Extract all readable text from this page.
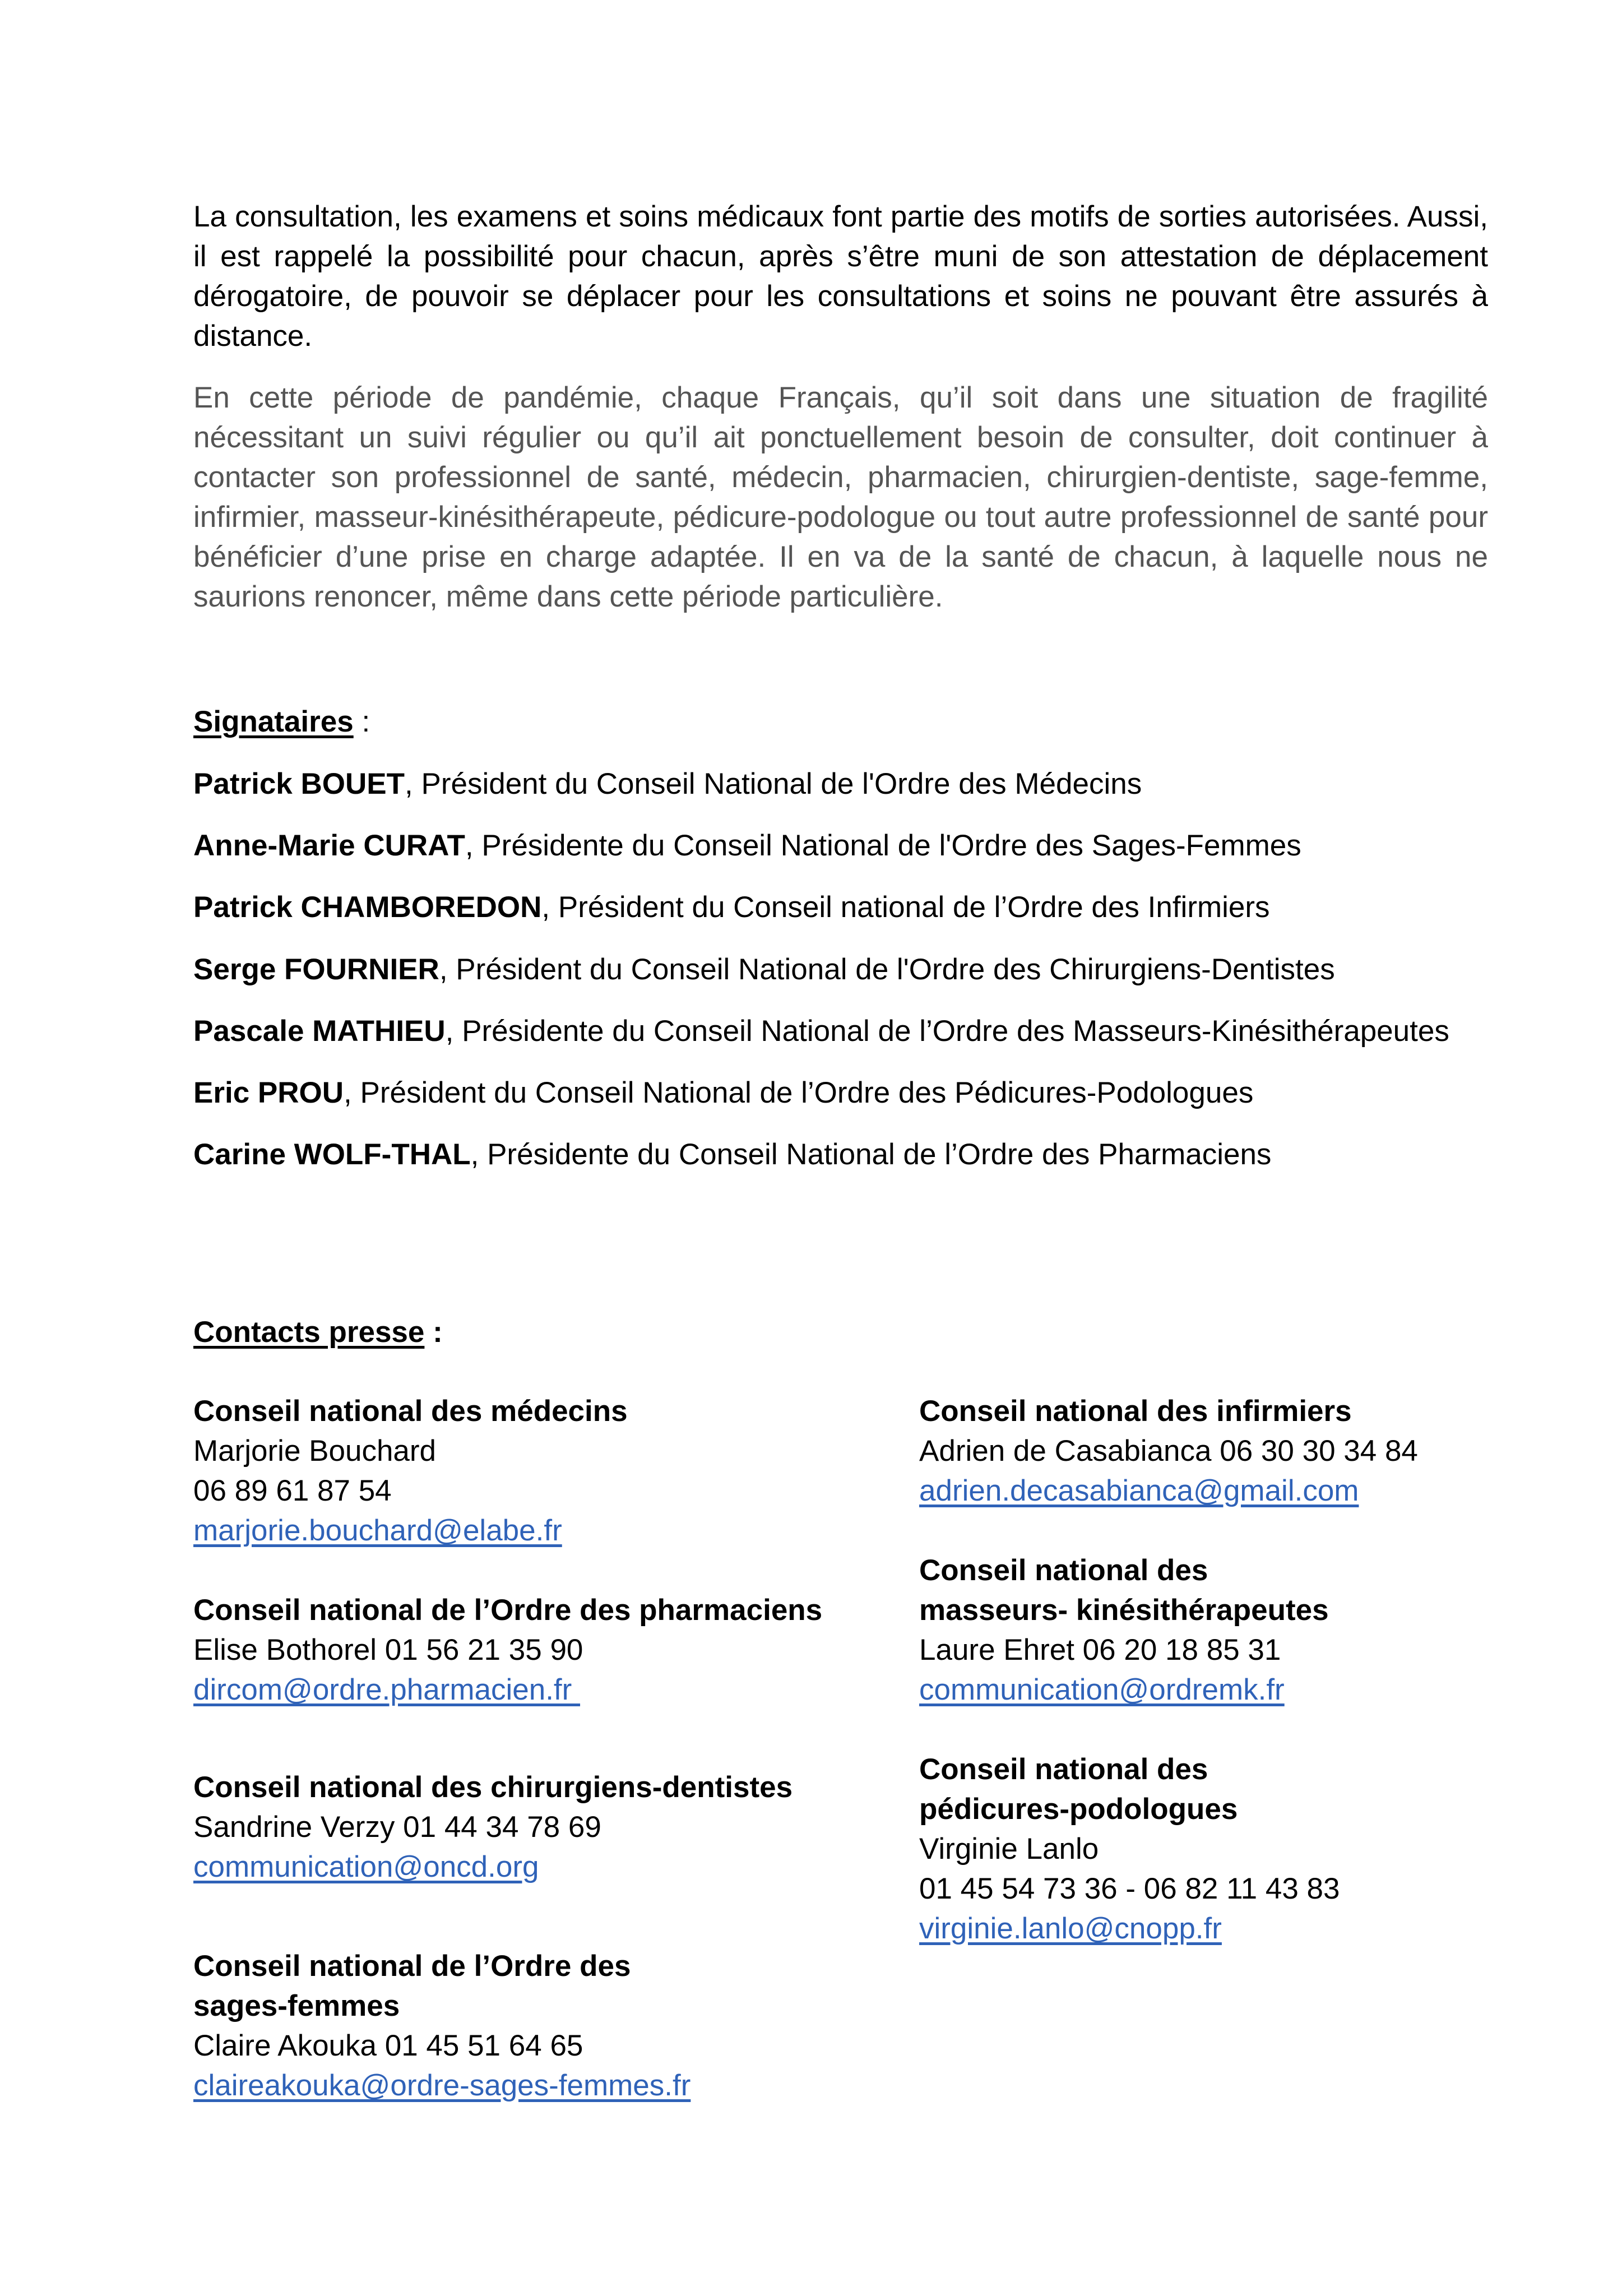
La consultation, les examens et soins médicaux font partie des motifs de sorties autorisées. Aussi, il est rappelé la possibilité pour chacun, après s’être muni de son attestation de déplacement dérogatoire, de pouvoir se déplacer pour les consultations et soins ne pouvant être assurés à distance.

En cette période de pandémie, chaque Français, qu’il soit dans une situation de fragilité nécessitant un suivi régulier ou qu’il ait ponctuellement besoin de consulter, doit continuer à contacter son professionnel de santé, médecin, pharmacien, chirurgien-dentiste, sage-femme, infirmier, masseur-kinésithérapeute, pédicure-podologue ou tout autre professionnel de santé pour bénéficier d’une prise en charge adaptée. Il en va de la santé de chacun, à laquelle nous ne saurions renoncer, même dans cette période particulière.

Signataires :
Patrick BOUET, Président du Conseil National de l'Ordre des Médecins
Anne-Marie CURAT, Présidente du Conseil National de l'Ordre des Sages-Femmes
Patrick CHAMBOREDON, Président du Conseil national de l’Ordre des Infirmiers
Serge FOURNIER, Président du Conseil National de l'Ordre des Chirurgiens-Dentistes
Pascale MATHIEU, Présidente du Conseil National de l’Ordre des Masseurs-Kinésithérapeutes
Eric PROU, Président du Conseil National de l’Ordre des Pédicures-Podologues
Carine WOLF-THAL, Présidente du Conseil National de l’Ordre des Pharmaciens
Contacts presse :
Conseil national des médecins
Marjorie Bouchard
06 89 61 87 54
marjorie.bouchard@elabe.fr
Conseil national de l’Ordre des pharmaciens
Elise Bothorel 01 56 21 35 90
dircom@ordre.pharmacien.fr
Conseil national des chirurgiens-dentistes
Sandrine Verzy 01 44 34 78 69
communication@oncd.org
Conseil national de l’Ordre des
sages-femmes
Claire Akouka 01 45 51 64 65
claireakouka@ordre-sages-femmes.fr
Conseil national des infirmiers
Adrien de Casabianca 06 30 30 34 84
adrien.decasabianca@gmail.com
Conseil national des
masseurs- kinésithérapeutes
Laure Ehret 06 20 18 85 31
communication@ordremk.fr
Conseil national des
pédicures-podologues
Virginie Lanlo
01 45 54 73 36 - 06 82 11 43 83
virginie.lanlo@cnopp.fr
